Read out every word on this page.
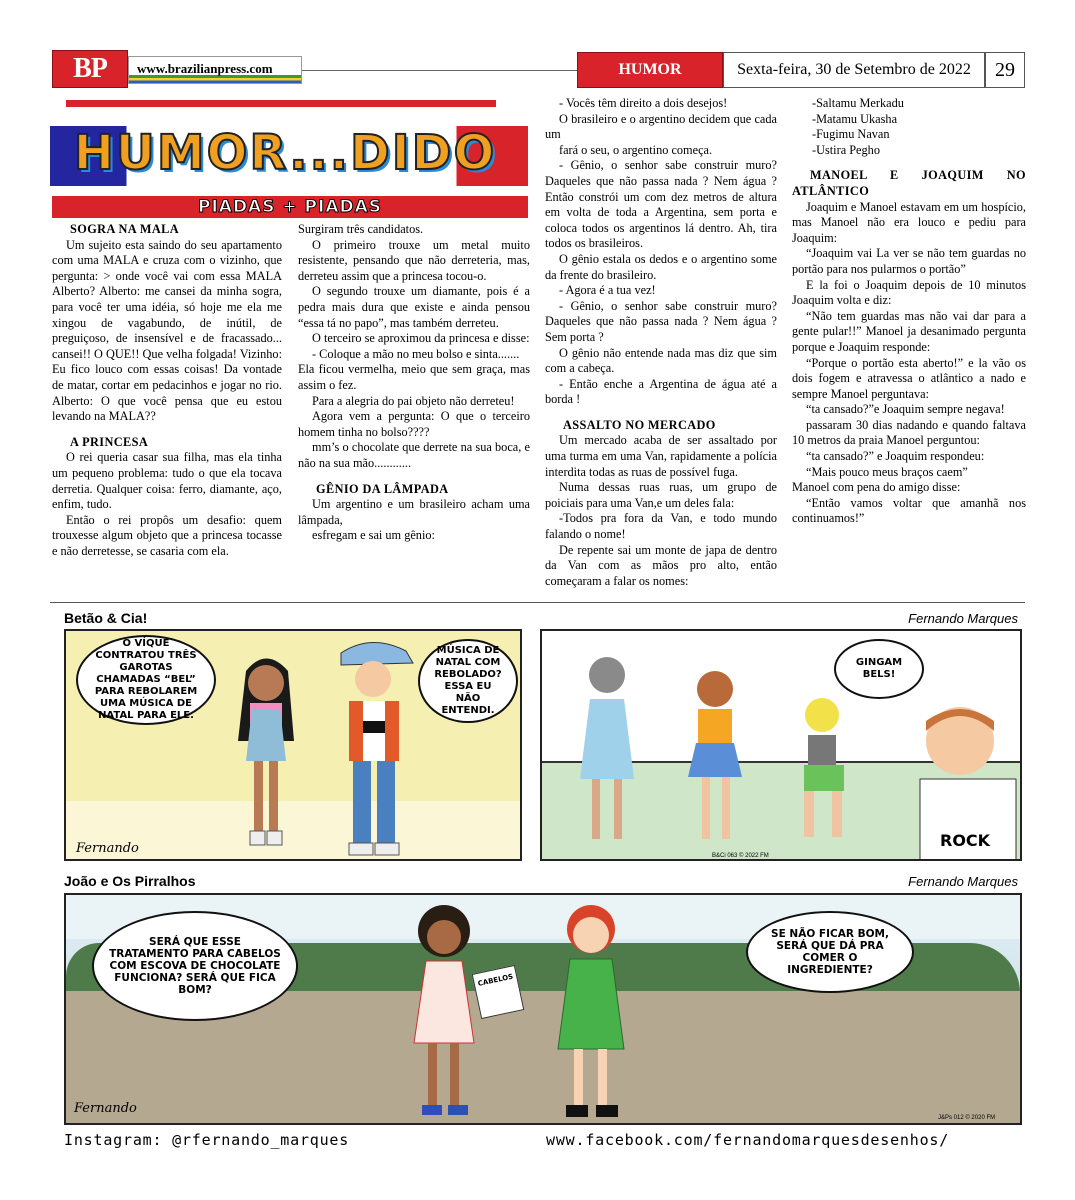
BP	www.brazilianpress.com	HUMOR	Sexta-feira, 30 de Setembro de 2022	29
HUMOR...DIDO
PIADAS + PIADAS
SOGRA NA MALA

Um sujeito esta saindo do seu apartamento com uma MALA e cruza com o vizinho, que pergunta: > onde você vai com essa MALA Alberto? Alberto: me cansei da minha sogra, para você ter uma idéia, só hoje me ela me xingou de vagabundo, de inútil, de preguiçoso, de insensível e de fracassado... cansei!! O QUE!! Que velha folgada! Vizinho: Eu fico louco com essas coisas! Da vontade de matar, cortar em pedacinhos e jogar no rio. Alberto: O que você pensa que eu estou levando na MALA??

A PRINCESA

O rei queria casar sua filha, mas ela tinha um pequeno problema: tudo o que ela tocava derretia. Qualquer coisa: ferro, diamante, aço, enfim, tudo.

Então o rei propôs um desafio: quem trouxesse algum objeto que a princesa tocasse e não derretesse, se casaria com ela.

Surgiram três candidatos.

O primeiro trouxe um metal muito resistente, pensando que não derreteria, mas, derreteu assim que a princesa tocou-o.

O segundo trouxe um diamante, pois é a pedra mais dura que existe e ainda pensou “essa tá no papo”, mas também derreteu.

O terceiro se aproximou da princesa e disse:

- Coloque a mão no meu bolso e sinta.......

Ela ficou vermelha, meio que sem graça, mas assim o fez.

Para a alegria do pai objeto não derreteu!

Agora vem a pergunta: O que o terceiro homem tinha no bolso????

mm’s o chocolate que derrete na sua boca, e não na sua mão............

GÊNIO DA LÂMPADA

Um argentino e um brasileiro acham uma lâmpada,

esfregam e sai um gênio:

- Vocês têm direito a dois desejos!

O brasileiro e o argentino decidem que cada um

fará o seu, o argentino começa.

- Gênio, o senhor sabe construir muro? Daqueles que não passa nada ? Nem água ? Então constrói um com dez metros de altura em volta de toda a Argentina, sem porta e coloca todos os argentinos lá dentro. Ah, tira todos os brasileiros.

O gênio estala os dedos e o argentino some da frente do brasileiro.

- Agora é a tua vez!

- Gênio, o senhor sabe construir muro? Daqueles que não passa nada ? Nem água ? Sem porta ?

O gênio não entende nada mas diz que sim com a cabeça.

- Então enche a Argentina de água até a borda !

ASSALTO NO MERCADO

Um mercado acaba de ser assaltado por uma turma em uma Van, rapidamente a polícia interdita todas as ruas de possível fuga.

Numa dessas ruas ruas, um grupo de poiciais para uma Van,e um deles fala:

-Todos pra fora da Van, e todo mundo falando o nome!

De repente sai um monte de japa de dentro da Van com as mãos pro alto, então começaram a falar os nomes:

-Saltamu Merkadu

-Matamu Ukasha

-Fugimu Navan

-Ustira Pegho

MANOEL E JOAQUIM NO ATLÂNTICO

Joaquim e Manoel estavam em um hospício, mas Manoel não era louco e pediu para Joaquim:

“Joaquim vai La ver se não tem guardas no portão para nos pularmos o portão”

E la foi o Joaquim depois de 10 minutos Joaquim volta e diz:

“Não tem guardas mas não vai dar para a gente pular!!” Manoel ja desanimado perguntа porque e Joaquim responde:

“Porque o portão esta aberto!” e la vão os dois fogem e atravessa o atlântico a nado e sempre Manoel perguntava:

“ta cansado?”e Joaquim sempre negava!

passaram 30 dias nadando e quando faltava 10 metros da praia Manoel perguntou:

“ta cansado?” e Joaquim respondeu:

“Mais pouco meus braços caem”

Manoel com pena do amigo disse:

“Então vamos voltar que amanhã nos continuamos!”

Betão & Cia!	Fernando Marques
O VÍQUE CONTRATOU TRÊS GAROTAS CHAMADAS “BEL” PARA REBOLAREM UMA MÚSICA DE NATAL PARA ELE.
MÚSICA DE NATAL COM REBOLADO? ESSA EU NÃO ENTENDI.
Fernando	ROCK
GINGAM BELS!
B&Ci 063 © 2022 FM
João e Os Pirralhos	Fernando Marques
CABELOS
SERÁ QUE ESSE TRATAMENTO PARA CABELOS COM ESCOVA DE CHOCOLATE FUNCIONA? SERÁ QUE FICA BOM?
SE NÃO FICAR BOM, SERÁ QUE DÁ PRA COMER O INGREDIENTE?
Fernando
J&Ps 012 © 2020 FM
Instagram: @rfernando_marques	www.facebook.com/fernandomarquesdesenhos/
